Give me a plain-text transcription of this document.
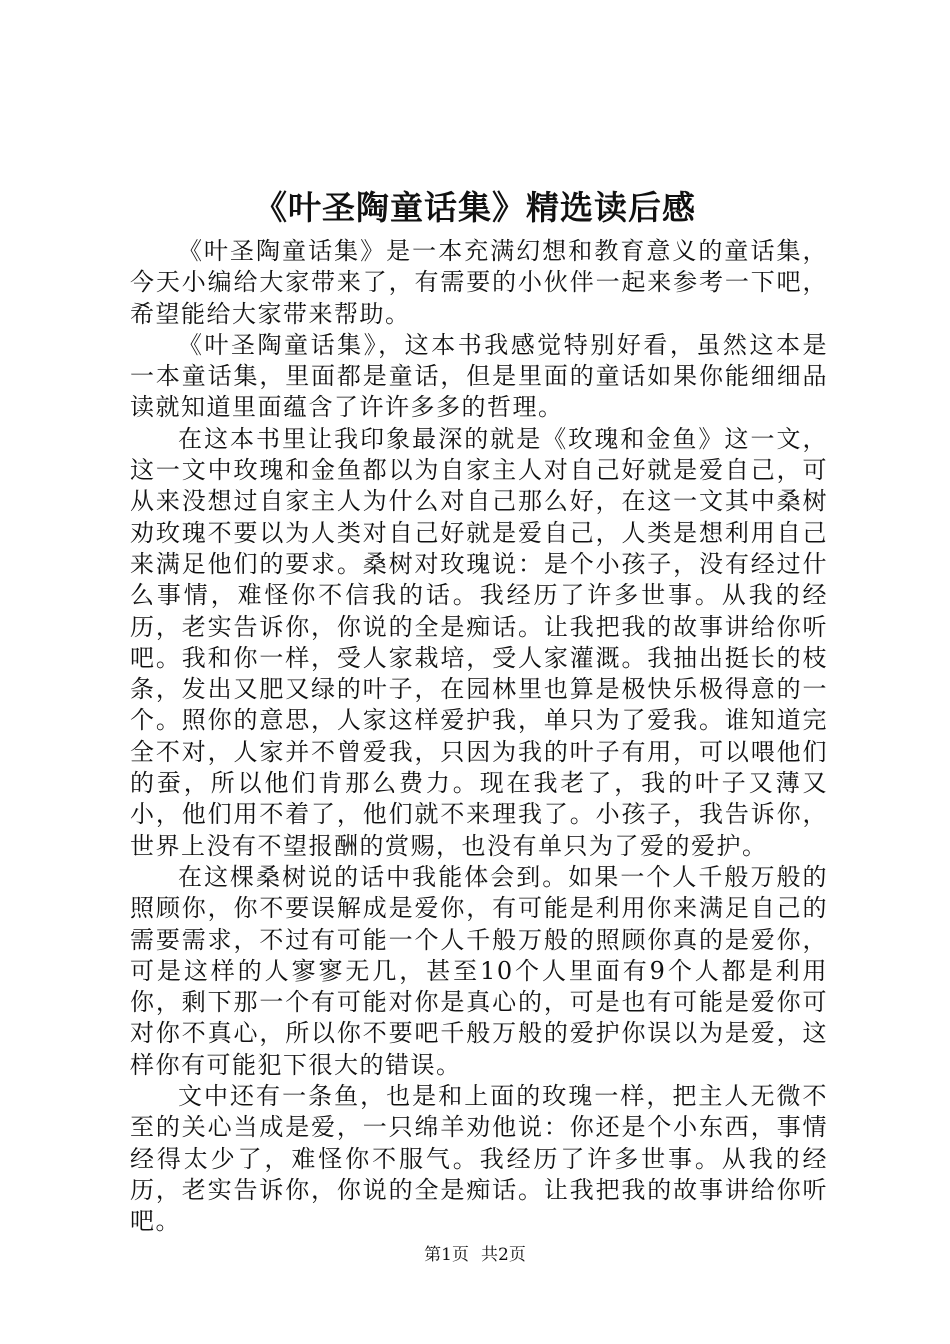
《叶圣陶童话集》精选读后感

《叶圣陶童话集》是一本充满幻想和教育意义的童话集，今天小编给大家带来了，有需要的小伙伴一起来参考一下吧，希望能给大家带来帮助。

《叶圣陶童话集》，这本书我感觉特别好看，虽然这本是一本童话集，里面都是童话，但是里面的童话如果你能细细品读就知道里面蕴含了许许多多的哲理。

在这本书里让我印象最深的就是《玫瑰和金鱼》这一文，这一文中玫瑰和金鱼都以为自家主人对自己好就是爱自己，可从来没想过自家主人为什么对自己那么好，在这一文其中桑树劝玫瑰不要以为人类对自己好就是爱自己，人类是想利用自己来满足他们的要求。桑树对玫瑰说：是个小孩子，没有经过什么事情，难怪你不信我的话。我经历了许多世事。从我的经历，老实告诉你，你说的全是痴话。让我把我的故事讲给你听吧。我和你一样，受人家栽培，受人家灌溉。我抽出挺长的枝条，发出又肥又绿的叶子，在园林里也算是极快乐极得意的一个。照你的意思，人家这样爱护我，单只为了爱我。谁知道完全不对，人家并不曾爱我，只因为我的叶子有用，可以喂他们的蚕，所以他们肯那么费力。现在我老了，我的叶子又薄又小，他们用不着了，他们就不来理我了。小孩子，我告诉你，世界上没有不望报酬的赏赐，也没有单只为了爱的爱护。

在这棵桑树说的话中我能体会到。如果一个人千般万般的照顾你，你不要误解成是爱你，有可能是利用你来满足自己的需要需求，不过有可能一个人千般万般的照顾你真的是爱你，可是这样的人寥寥无几，甚至10个人里面有9个人都是利用你，剩下那一个有可能对你是真心的，可是也有可能是爱你可对你不真心，所以你不要吧千般万般的爱护你误以为是爱，这样你有可能犯下很大的错误。

文中还有一条鱼，也是和上面的玫瑰一样，把主人无微不至的关心当成是爱，一只绵羊劝他说：你还是个小东西，事情经得太少了，难怪你不服气。我经历了许多世事。从我的经历，老实告诉你，你说的全是痴话。让我把我的故事讲给你听吧。

第1页 共2页
